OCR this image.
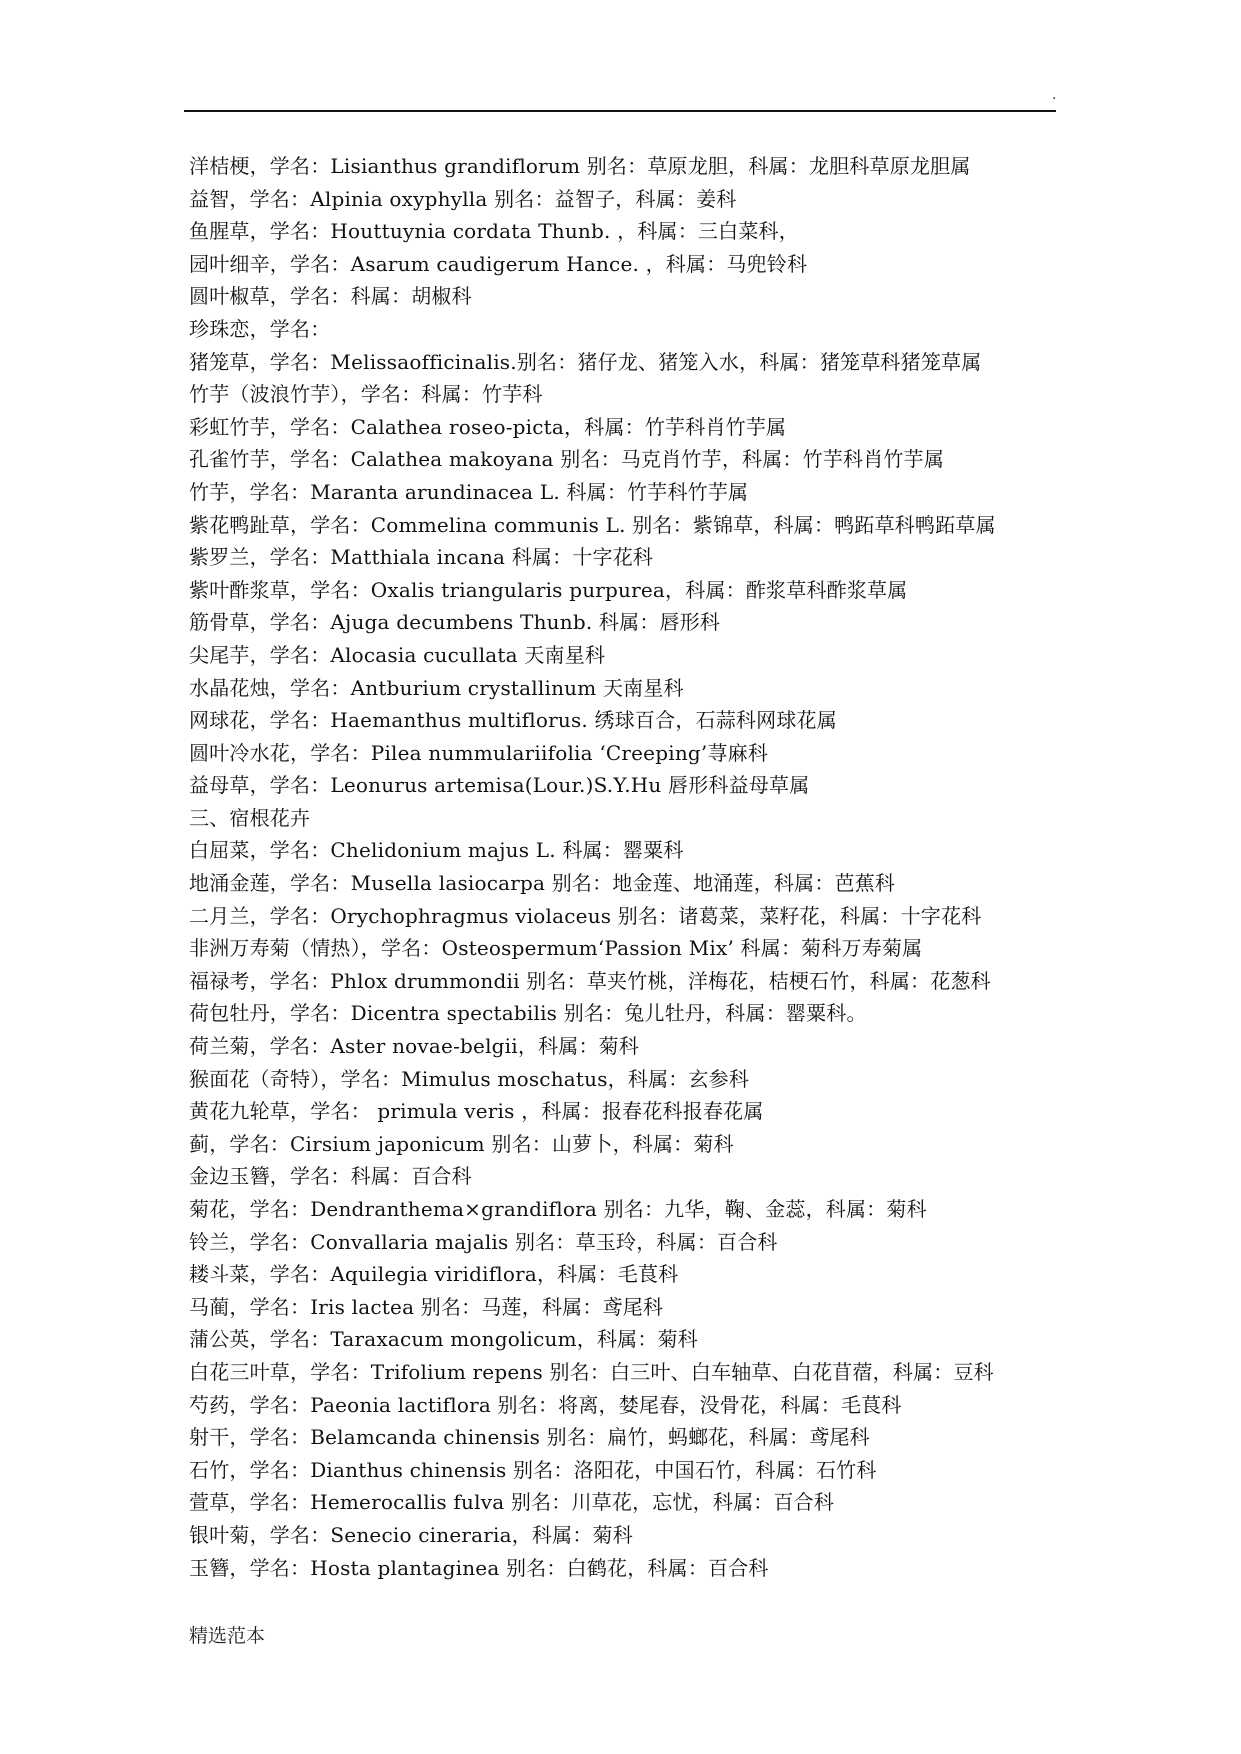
.
洋桔梗，学名：Lisianthus grandiflorum 别名：草原龙胆，科属：龙胆科草原龙胆属
益智，学名：Alpinia oxyphylla 别名：益智子，科属：姜科
鱼腥草，学名：Houttuynia cordata Thunb. ，科属：三白菜科，
园叶细辛，学名：Asarum caudigerum Hance. ，科属：马兜铃科
圆叶椒草，学名：科属：胡椒科
珍珠恋，学名：
猪笼草，学名：Melissaofficinalis.别名：猪仔龙、猪笼入水，科属：猪笼草科猪笼草属
竹芋（波浪竹芋），学名：科属：竹芋科
彩虹竹芋，学名：Calathea roseo-picta，科属：竹芋科肖竹芋属
孔雀竹芋，学名：Calathea makoyana 别名：马克肖竹芋，科属：竹芋科肖竹芋属
竹芋，学名：Maranta arundinacea L. 科属：竹芋科竹芋属
紫花鸭趾草，学名：Commelina communis L. 别名：紫锦草，科属：鸭跖草科鸭跖草属
紫罗兰，学名：Matthiala incana 科属：十字花科
紫叶酢浆草，学名：Oxalis triangularis purpurea，科属：酢浆草科酢浆草属
筋骨草，学名：Ajuga decumbens Thunb. 科属：唇形科
尖尾芋，学名：Alocasia cucullata 天南星科
水晶花烛，学名：Antburium crystallinum 天南星科
网球花，学名：Haemanthus multiflorus. 绣球百合，石蒜科网球花属
圆叶冷水花，学名：Pilea nummulariifolia ‘Creeping’荨麻科
益母草，学名：Leonurus artemisa(Lour.)S.Y.Hu 唇形科益母草属
三、宿根花卉
白屈菜，学名：Chelidonium majus L. 科属：罂粟科
地涌金莲，学名：Musella lasiocarpa 别名：地金莲、地涌莲，科属：芭蕉科
二月兰，学名：Orychophragmus violaceus 别名：诸葛菜，菜籽花，科属：十字花科
非洲万寿菊（情热），学名：Osteospermum‘Passion Mix’ 科属：菊科万寿菊属
福禄考，学名：Phlox drummondii 别名：草夹竹桃，洋梅花，桔梗石竹，科属：花葱科
荷包牡丹，学名：Dicentra spectabilis 别名：兔儿牡丹，科属：罂粟科。
荷兰菊，学名：Aster novae-belgii，科属：菊科
猴面花（奇特），学名：Mimulus moschatus，科属：玄参科
黄花九轮草，学名： primula veris ，科属：报春花科报春花属
蓟，学名：Cirsium japonicum 别名：山萝卜，科属：菊科
金边玉簪，学名：科属：百合科
菊花，学名：Dendranthema×grandiflora 别名：九华，鞠、金蕊，科属：菊科
铃兰，学名：Convallaria majalis 别名：草玉玲，科属：百合科
耧斗菜，学名：Aquilegia viridiflora，科属：毛茛科
马蔺，学名：Iris lactea 别名：马莲，科属：鸢尾科
蒲公英，学名：Taraxacum mongolicum，科属：菊科
白花三叶草，学名：Trifolium repens 别名：白三叶、白车轴草、白花苜蓿，科属：豆科
芍药，学名：Paeonia lactiflora 别名：将离，婪尾春，没骨花，科属：毛茛科
射干，学名：Belamcanda chinensis 别名：扁竹，蚂螂花，科属：鸢尾科
石竹，学名：Dianthus chinensis 别名：洛阳花，中国石竹，科属：石竹科
萱草，学名：Hemerocallis fulva 别名：川草花，忘忧，科属：百合科
银叶菊，学名：Senecio cineraria，科属：菊科
玉簪，学名：Hosta plantaginea 别名：白鹤花，科属：百合科
精选范本
